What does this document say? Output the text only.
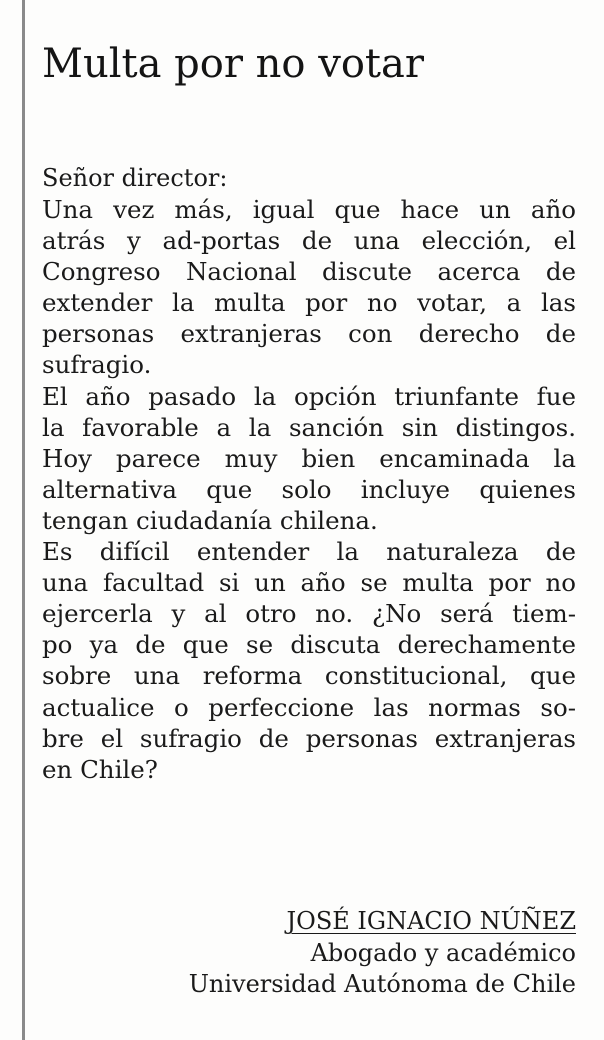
Multa por no votar

Señor director:

Una vez más, igual que hace un año
atrás y ad-portas de una elección, el
Congreso Nacional discute acerca de
extender la multa por no votar, a las
personas extranjeras con derecho de
sufragio.
El año pasado la opción triunfante fue
la favorable a la sanción sin distingos.
Hoy parece muy bien encaminada la
alternativa que solo incluye quienes
tengan ciudadanía chilena.
Es difícil entender la naturaleza de
una facultad si un año se multa por no
ejercerla y al otro no. ¿No será tiem-
po ya de que se discuta derechamente
sobre una reforma constitucional, que
actualice o perfeccione las normas so-
bre el sufragio de personas extranjeras
en Chile?
JOSÉ IGNACIO NÚÑEZ
Abogado y académico
Universidad Autónoma de Chile
